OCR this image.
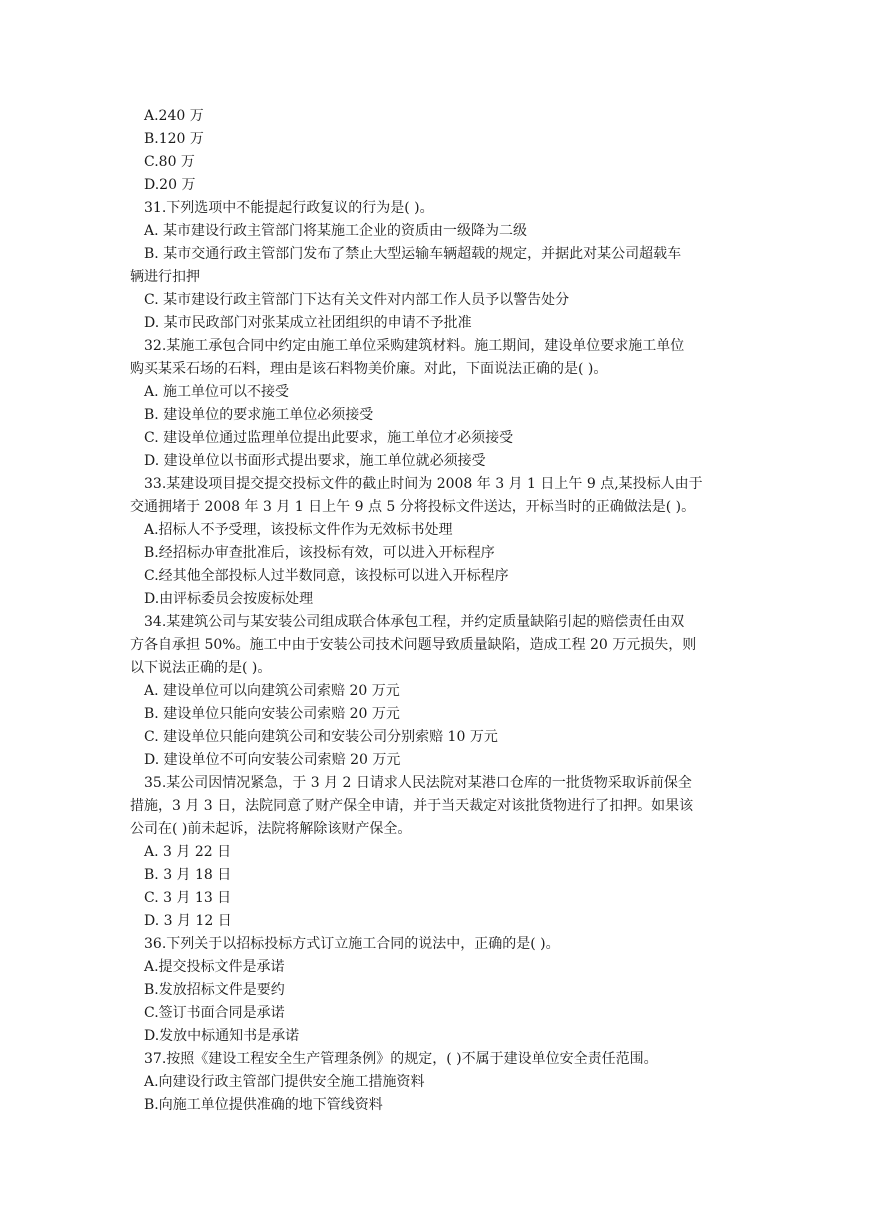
A.240 万
B.120 万
C.80 万
D.20 万
31.下列选项中不能提起行政复议的行为是( )。
A. 某市建设行政主管部门将某施工企业的资质由一级降为二级
B. 某市交通行政主管部门发布了禁止大型运输车辆超载的规定，并据此对某公司超载车
辆进行扣押
C. 某市建设行政主管部门下达有关文件对内部工作人员予以警告处分
D. 某市民政部门对张某成立社团组织的申请不予批准
32.某施工承包合同中约定由施工单位采购建筑材料。施工期间，建设单位要求施工单位
购买某采石场的石料，理由是该石料物美价廉。对此，下面说法正确的是( )。
A. 施工单位可以不接受
B. 建设单位的要求施工单位必须接受
C. 建设单位通过监理单位提出此要求，施工单位才必须接受
D. 建设单位以书面形式提出要求，施工单位就必须接受
33.某建设项目提交提交投标文件的截止时间为 2008 年 3 月 1 日上午 9 点,某投标人由于
交通拥堵于 2008 年 3 月 1 日上午 9 点 5 分将投标文件送达，开标当时的正确做法是( )。
A.招标人不予受理，该投标文件作为无效标书处理
B.经招标办审查批准后，该投标有效，可以进入开标程序
C.经其他全部投标人过半数同意，该投标可以进入开标程序
D.由评标委员会按废标处理
34.某建筑公司与某安装公司组成联合体承包工程，并约定质量缺陷引起的赔偿责任由双
方各自承担 50%。施工中由于安装公司技术问题导致质量缺陷，造成工程 20 万元损失，则
以下说法正确的是( )。
A. 建设单位可以向建筑公司索赔 20 万元
B. 建设单位只能向安装公司索赔 20 万元
C. 建设单位只能向建筑公司和安装公司分别索赔 10 万元
D. 建设单位不可向安装公司索赔 20 万元
35.某公司因情况紧急，于 3 月 2 日请求人民法院对某港口仓库的一批货物采取诉前保全
措施，3 月 3 日，法院同意了财产保全申请，并于当天裁定对该批货物进行了扣押。如果该
公司在( )前未起诉，法院将解除该财产保全。
A. 3 月 22 日
B. 3 月 18 日
C. 3 月 13 日
D. 3 月 12 日
36.下列关于以招标投标方式订立施工合同的说法中，正确的是( )。
A.提交投标文件是承诺
B.发放招标文件是要约
C.签订书面合同是承诺
D.发放中标通知书是承诺
37.按照《建设工程安全生产管理条例》的规定，( )不属于建设单位安全责任范围。
A.向建设行政主管部门提供安全施工措施资料
B.向施工单位提供准确的地下管线资料
